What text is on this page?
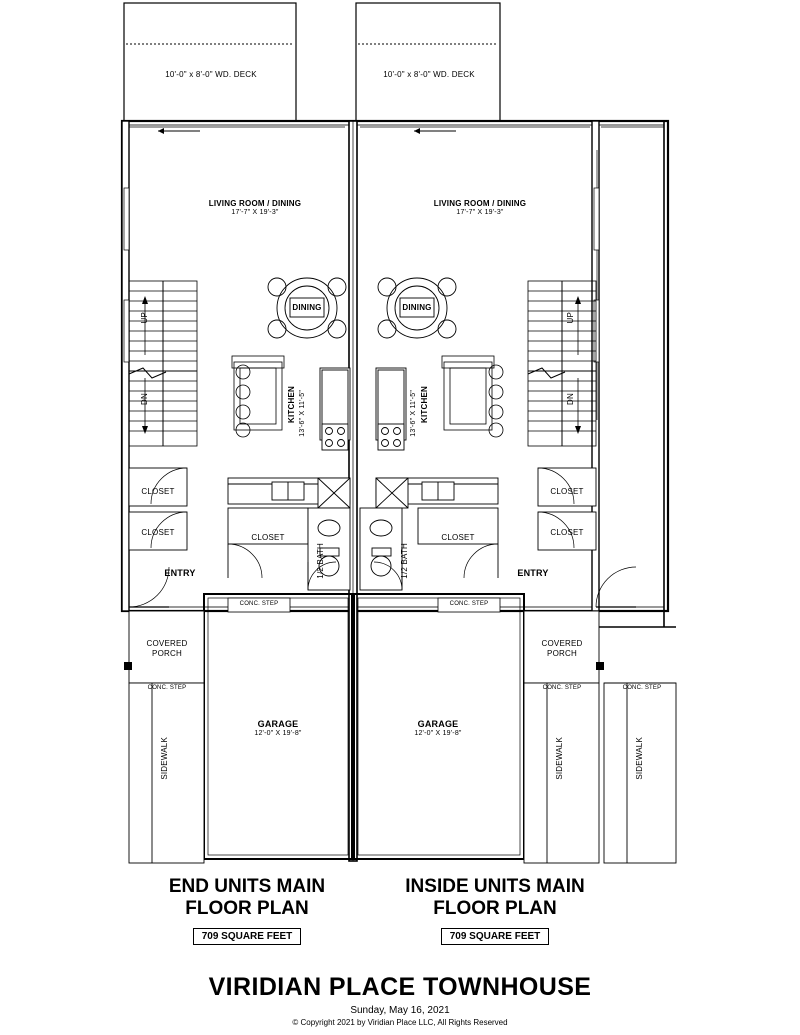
10'-0" x 8'-0" WD. DECK	10'-0" x 8'-0" WD. DECK
LIVING ROOM / DINING
17'-7" X 19'-3"
LIVING ROOM / DINING
17'-7" X 19'-3"
DINING	DINING
KITCHEN 13'-6" X 11'-5"	KITCHEN
13'-6" X 11'-5"
UP
DN
UP
DN
CLOSET
CLOSET
CLOSET
CLOSET
CLOSET
CLOSET
1/2 BATH	1/2 BATH
ENTRY	ENTRY
CONC. STEP	CONC. STEP
COVERED
PORCH
COVERED
PORCH
CONC. STEP	CONC. STEP	CONC. STEP
SIDEWALK	SIDEWALK	SIDEWALK
GARAGE
12'-0" X 19'-8"
GARAGE
12'-0" X 19'-8"
END UNITS MAIN
FLOOR PLAN
709 SQUARE FEET
INSIDE UNITS MAIN
FLOOR PLAN
709 SQUARE FEET
VIRIDIAN PLACE TOWNHOUSE
Sunday, May 16, 2021
© Copyright 2021 by Viridian Place LLC, All Rights Reserved
